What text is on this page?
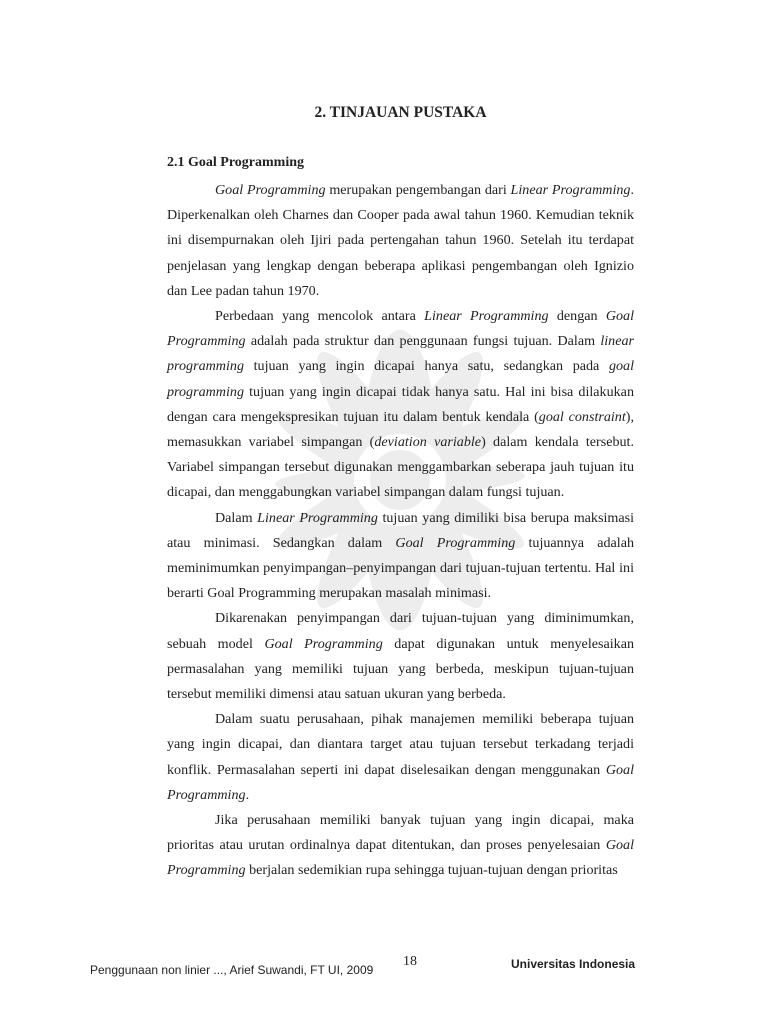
2. TINJAUAN PUSTAKA
2.1 Goal Programming

Goal Programming merupakan pengembangan dari Linear Programming. Diperkenalkan oleh Charnes dan Cooper pada awal tahun 1960. Kemudian teknik ini disempurnakan oleh Ijiri pada pertengahan tahun 1960. Setelah itu terdapat penjelasan yang lengkap dengan beberapa aplikasi pengembangan oleh Ignizio dan Lee padan tahun 1970.

Perbedaan yang mencolok antara Linear Programming dengan Goal Programming adalah pada struktur dan penggunaan fungsi tujuan. Dalam linear programming tujuan yang ingin dicapai hanya satu, sedangkan pada goal programming tujuan yang ingin dicapai tidak hanya satu. Hal ini bisa dilakukan dengan cara mengekspresikan tujuan itu dalam bentuk kendala (goal constraint), memasukkan variabel simpangan (deviation variable) dalam kendala tersebut. Variabel simpangan tersebut digunakan menggambarkan seberapa jauh tujuan itu dicapai, dan menggabungkan variabel simpangan dalam fungsi tujuan.

Dalam Linear Programming tujuan yang dimiliki bisa berupa maksimasi atau minimasi. Sedangkan dalam Goal Programming tujuannya adalah meminimumkan penyimpangan–penyimpangan dari tujuan-tujuan tertentu. Hal ini berarti Goal Programming merupakan masalah minimasi.

Dikarenakan penyimpangan dari tujuan-tujuan yang diminimumkan, sebuah model Goal Programming dapat digunakan untuk menyelesaikan permasalahan yang memiliki tujuan yang berbeda, meskipun tujuan-tujuan tersebut memiliki dimensi atau satuan ukuran yang berbeda.

Dalam suatu perusahaan, pihak manajemen memiliki beberapa tujuan yang ingin dicapai, dan diantara target atau tujuan tersebut terkadang terjadi konflik. Permasalahan seperti ini dapat diselesaikan dengan menggunakan Goal Programming.

Jika perusahaan memiliki banyak tujuan yang ingin dicapai, maka prioritas atau urutan ordinalnya dapat ditentukan, dan proses penyelesaian Goal Programming berjalan sedemikian rupa sehingga tujuan-tujuan dengan prioritas

Penggunaan non linier ..., Arief Suwandi, FT UI, 2009
18	Universitas Indonesia
